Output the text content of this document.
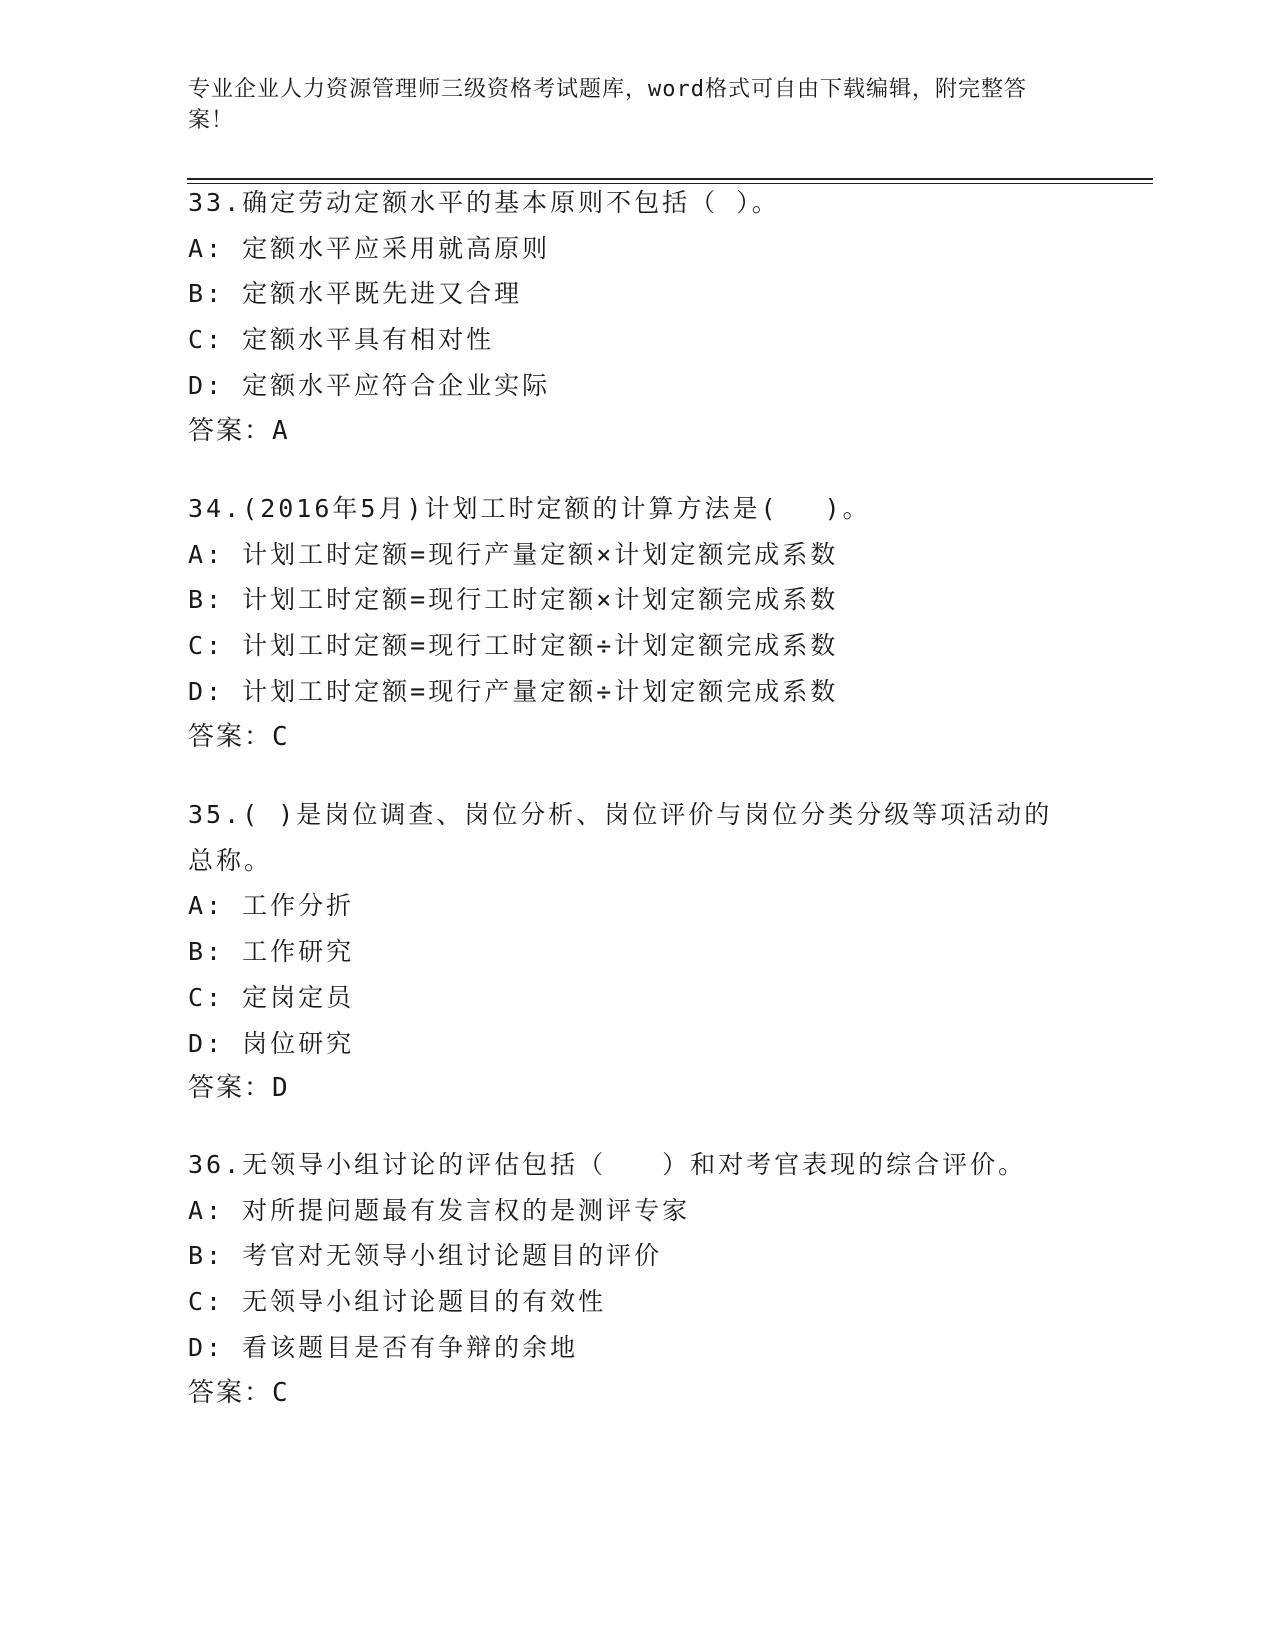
专业企业人力资源管理师三级资格考试题库，word格式可自由下载编辑，附完整答案！
33.确定劳动定额水平的基本原则不包括（ ）。
A: 定额水平应采用就高原则
B: 定额水平既先进又合理
C: 定额水平具有相对性
D: 定额水平应符合企业实际
答案：A
34.(2016年5月)计划工时定额的计算方法是(　 )。
A: 计划工时定额=现行产量定额×计划定额完成系数
B: 计划工时定额=现行工时定额×计划定额完成系数
C: 计划工时定额=现行工时定额÷计划定额完成系数
D: 计划工时定额=现行产量定额÷计划定额完成系数
答案：C
35.( )是岗位调查、岗位分析、岗位评价与岗位分类分级等项活动的总称。
A: 工作分折
B: 工作研究
C: 定岗定员
D: 岗位研究
答案：D
36.无领导小组讨论的评估包括（　　）和对考官表现的综合评价。
A: 对所提问题最有发言权的是测评专家
B: 考官对无领导小组讨论题目的评价
C: 无领导小组讨论题目的有效性
D: 看该题目是否有争辩的余地
答案：C
